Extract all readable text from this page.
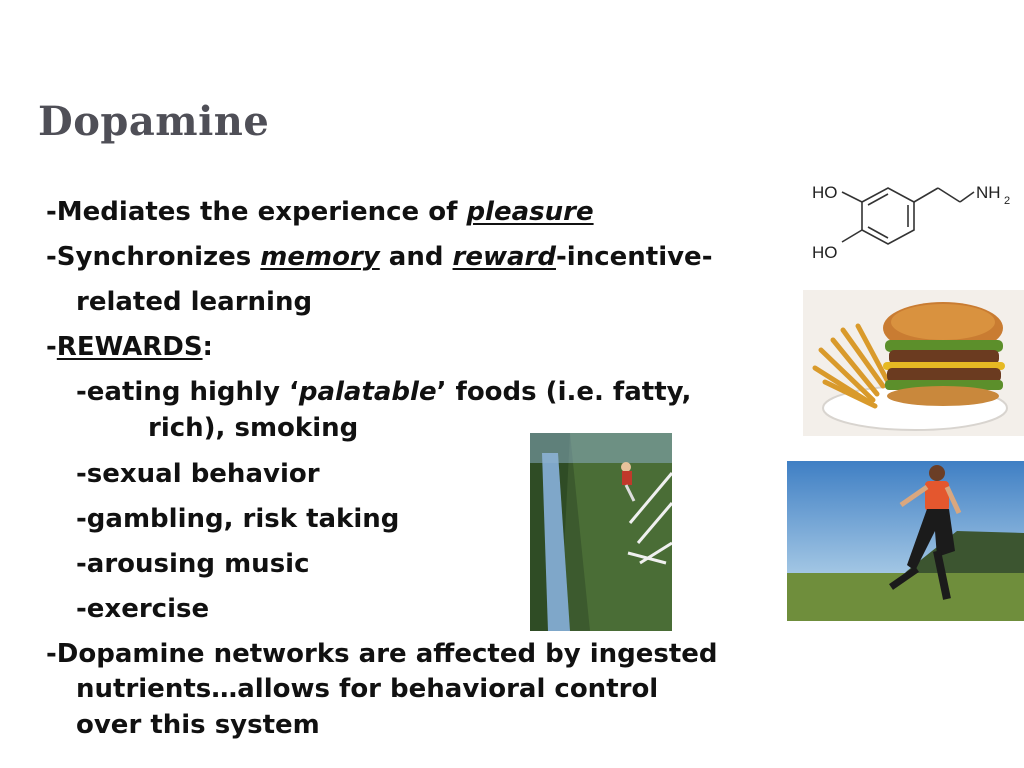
Dopamine
-Mediates the experience of pleasure
-Synchronizes memory and reward-incentive-
related learning
-REWARDS:
-eating highly ‘palatable’ foods (i.e. fatty,
rich), smoking
-sexual behavior
-gambling, risk taking
-arousing music
-exercise
-Dopamine networks are affected by ingested
nutrients…allows for behavioral control
over this system
HO
HO
NH 2
